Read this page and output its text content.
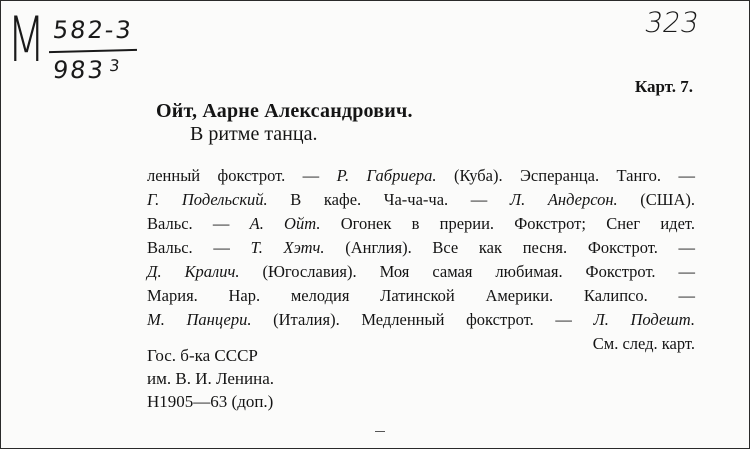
М 582-3
983 $^3$
323
Карт. 7.
Ойт, Аарне Александрович.
В ритме танца.
ленный фокстрот. — Р. Габриера. (Куба). Эсперанца. Танго. —
Г. Подельский. В кафе. Ча-ча-ча. — Л. Андерсон. (США).
Вальс. — А. Ойт. Огонек в прерии. Фокстрот; Снег идет.
Вальс. — Т. Хэтч. (Англия). Все как песня. Фокстрот. —
Д. Кралич. (Югославия). Моя самая любимая. Фокстрот. —
Мария. Нар. мелодия Латинской Америки. Калипсо. —
М. Панцери. (Италия). Медленный фокстрот. — Л. Подешт.
См. след. карт.
Гос. б-ка СССР
им. В. И. Ленина.
Н1905—63 (доп.)
